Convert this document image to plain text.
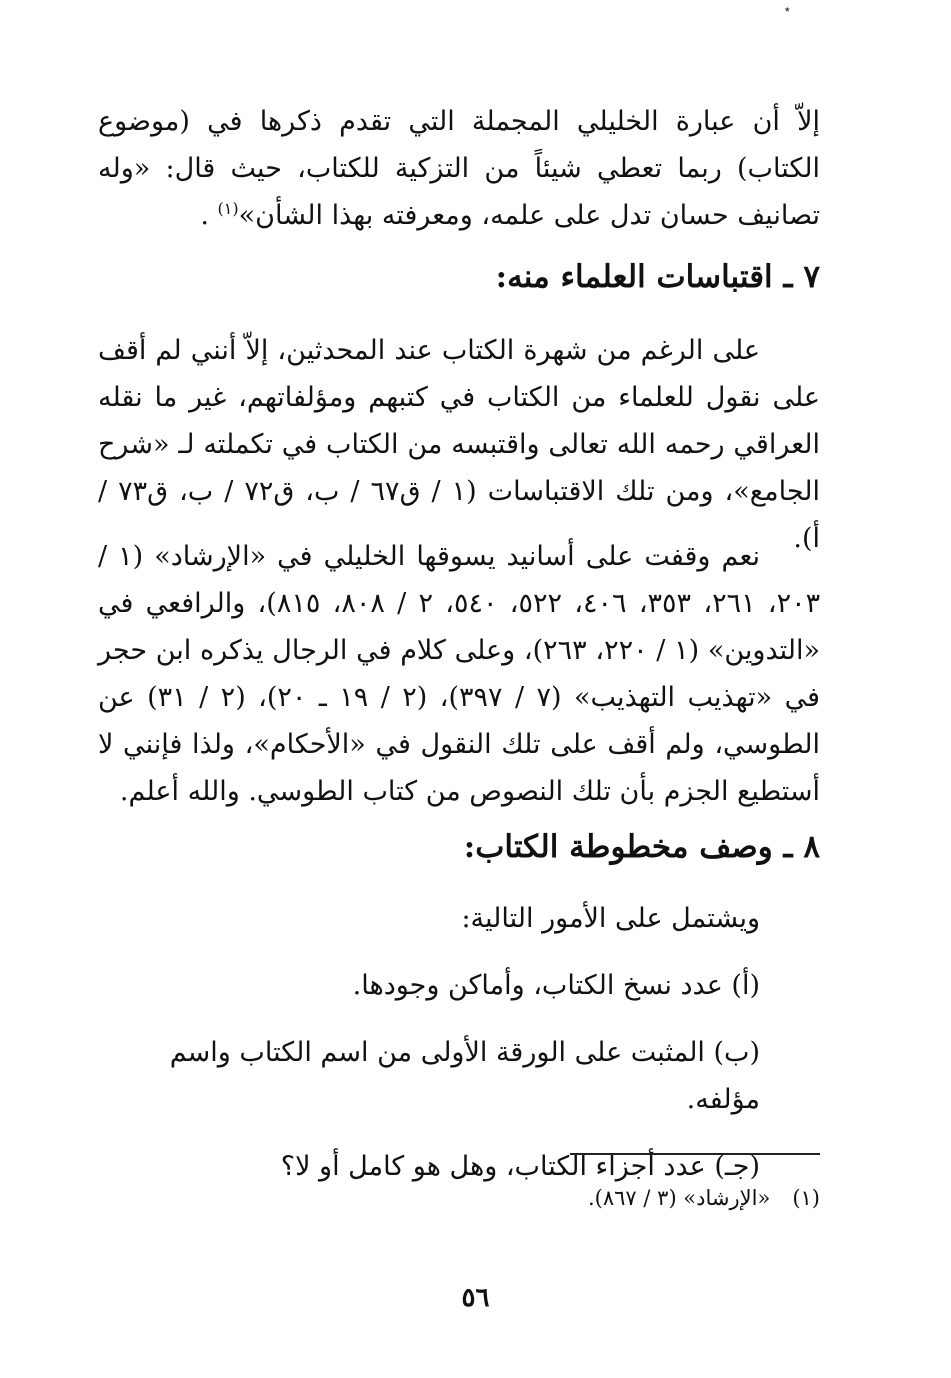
٭

إلاّ أن عبارة الخليلي المجملة التي تقدم ذكرها في (موضوع الكتاب) ربما تعطي شيئاً من التزكية للكتاب، حيث قال: «وله تصانيف حسان تدل على علمه، ومعرفته بهذا الشأن»$^{(١)}$ .

٧ ـ اقتباسات العلماء منه:

على الرغم من شهرة الكتاب عند المحدثين، إلاّ أنني لم أقف على نقول للعلماء من الكتاب في كتبهم ومؤلفاتهم، غير ما نقله العراقي رحمه الله تعالى واقتبسه من الكتاب في تكملته لـ «شرح الجامع»، ومن تلك الاقتباسات (١ / ق٦٧ / ب، ق٧٢ / ب، ق٧٣ / أ).

نعم وقفت على أسانيد يسوقها الخليلي في «الإرشاد» (١ / ٢٠٣، ٢٦١، ٣٥٣، ٤٠٦، ٥٢٢، ٥٤٠، ٢ / ٨٠٨، ٨١٥)، والرافعي في «التدوين» (١ / ٢٢٠، ٢٦٣)، وعلى كلام في الرجال يذكره ابن حجر في «تهذيب التهذيب» (٧ / ٣٩٧)، (٢ / ١٩ ـ ٢٠)، (٢ / ٣١) عن الطوسي، ولم أقف على تلك النقول في «الأحكام»، ولذا فإنني لا أستطيع الجزم بأن تلك النصوص من كتاب الطوسي. والله أعلم.

٨ ـ وصف مخطوطة الكتاب:

ويشتمل على الأمور التالية:

(أ) عدد نسخ الكتاب، وأماكن وجودها.

(ب) المثبت على الورقة الأولى من اسم الكتاب واسم مؤلفه.

(جـ) عدد أجزاء الكتاب، وهل هو كامل أو لا؟

(١)«الإرشاد» (٣ / ٨٦٧).
٥٦
